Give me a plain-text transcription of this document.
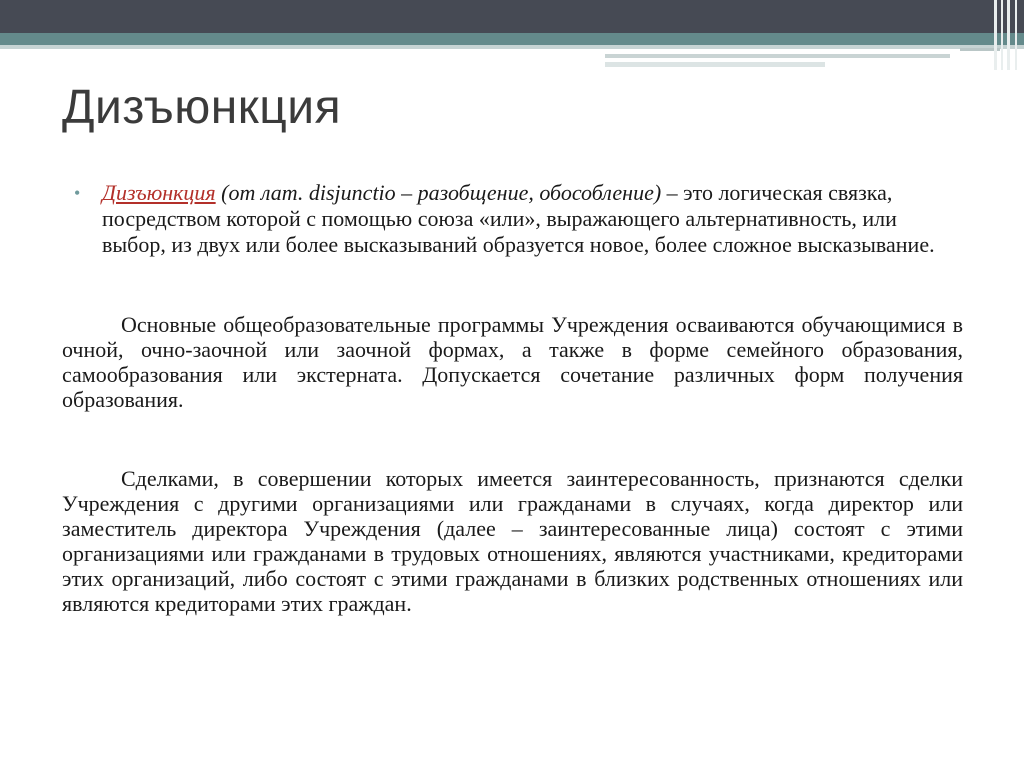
Дизъюнкция
• Дизъюнкция (от лат. disjunctio – разобщение, обособление) – это логическая связка, посредством которой с помощью союза «или», выражающего альтернативность, или выбор, из двух или более высказываний образуется новое, более сложное высказывание.

Основные общеобразовательные программы Учреждения осваиваются обучающимися в очной, очно-заочной или заочной формах, а также в форме семейного образования, самообразования или экстерната. Допускается сочетание различных форм получения образования.

Сделками, в совершении которых имеется заинтересованность, признаются сделки Учреждения с другими организациями или гражданами в случаях, когда директор или заместитель директора Учреждения (далее – заинтересованные лица) состоят с этими организациями или гражданами в трудовых отношениях, являются участниками, кредиторами этих организаций, либо состоят с этими гражданами в близких родственных отношениях или являются кредиторами этих граждан.
